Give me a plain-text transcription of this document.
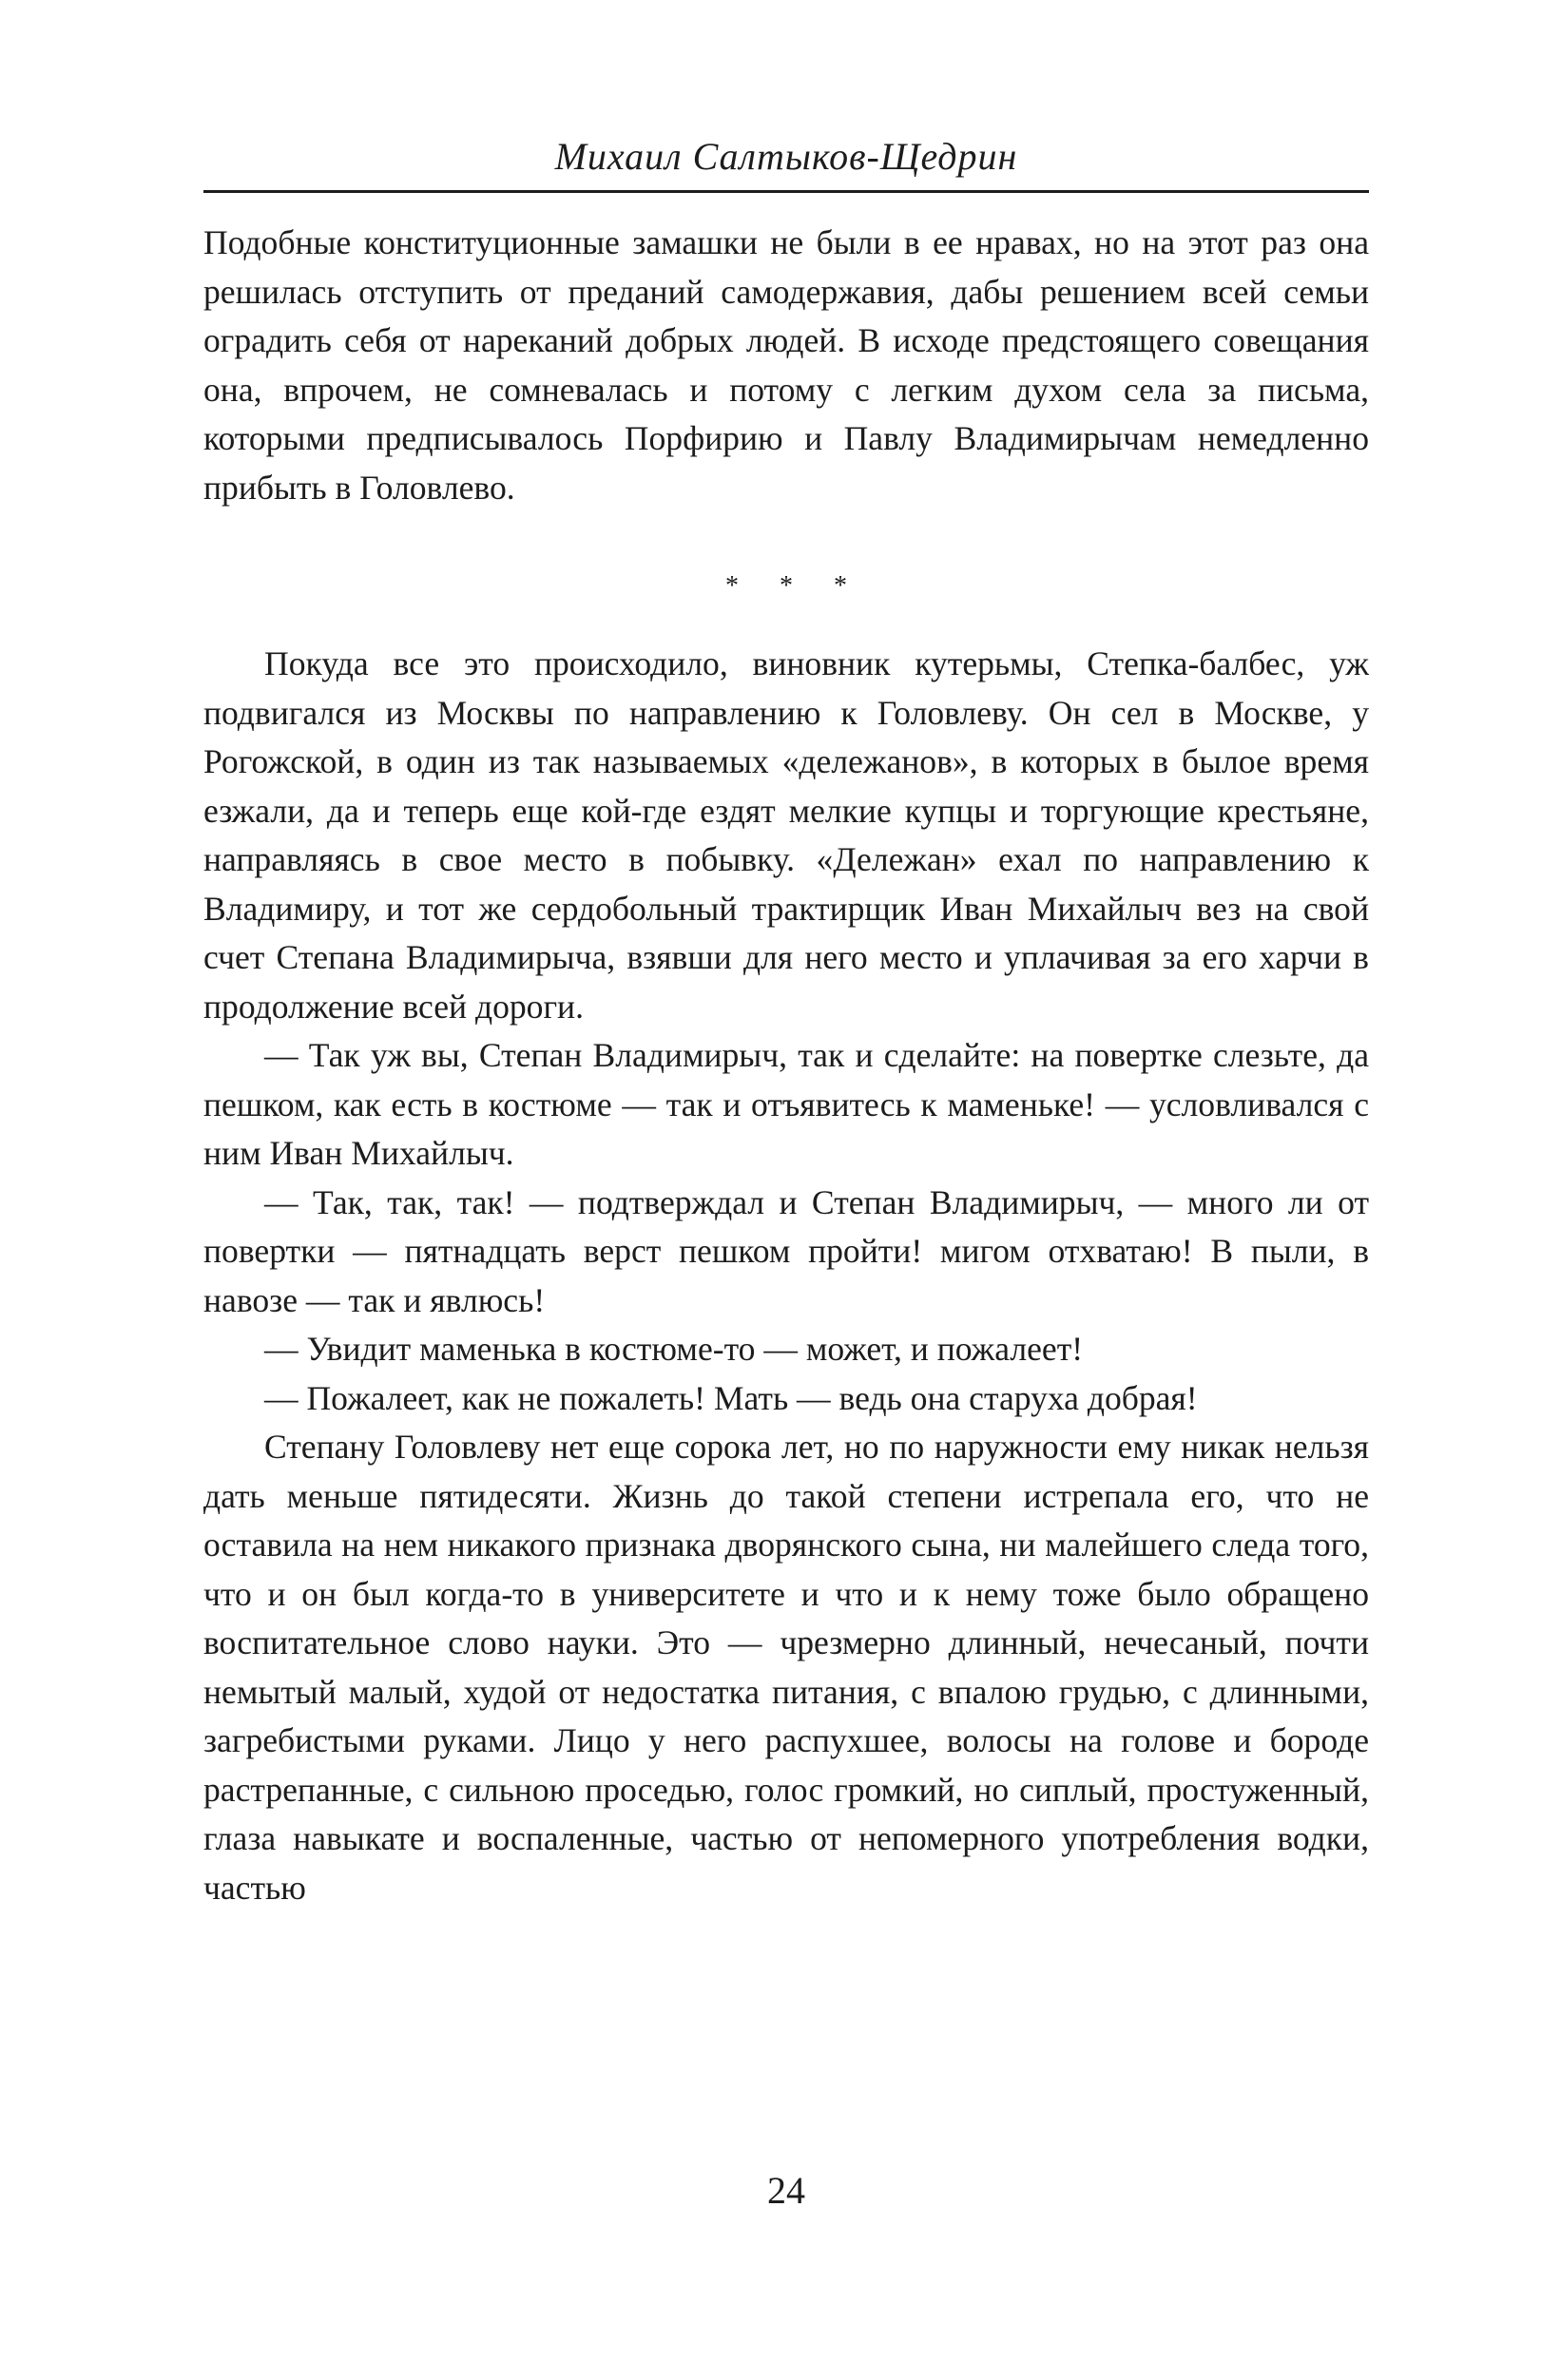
Михаил Салтыков-Щедрин

Подобные конституционные замашки не были в ее нравах, но на этот раз она решилась отступить от преданий самодержавия, дабы решением всей семьи оградить себя от нареканий добрых людей. В исходе предстоящего совещания она, впрочем, не сомневалась и потому с легким духом села за письма, которыми предписывалось Порфирию и Павлу Владимирычам немедленно прибыть в Головлево.

* * *

Покуда все это происходило, виновник кутерьмы, Степка-балбес, уж подвигался из Москвы по направлению к Головлеву. Он сел в Москве, у Рогожской, в один из так называемых «дележанов», в которых в былое время езжали, да и теперь еще кой-где ездят мелкие купцы и торгующие крестьяне, направляясь в свое место в побывку. «Дележан» ехал по направлению к Владимиру, и тот же сердобольный трактирщик Иван Михайлыч вез на свой счет Степана Владимирыча, взявши для него место и уплачивая за его харчи в продолжение всей дороги.

— Так уж вы, Степан Владимирыч, так и сделайте: на повертке слезьте, да пешком, как есть в костюме — так и отъявитесь к маменьке! — условливался с ним Иван Михайлыч.

— Так, так, так! — подтверждал и Степан Владимирыч, — много ли от повертки — пятнадцать верст пешком пройти! мигом отхватаю! В пыли, в навозе — так и явлюсь!

— Увидит маменька в костюме-то — может, и пожалеет!

— Пожалеет, как не пожалеть! Мать — ведь она старуха добрая!

Степану Головлеву нет еще сорока лет, но по наружности ему никак нельзя дать меньше пятидесяти. Жизнь до такой степени истрепала его, что не оставила на нем никакого признака дворянского сына, ни малейшего следа того, что и он был когда-то в университете и что и к нему тоже было обращено воспитательное слово науки. Это — чрезмерно длинный, нечесаный, почти немытый малый, худой от недостатка питания, с впалою грудью, с длинными, загребистыми руками. Лицо у него распухшее, волосы на голове и бороде растрепанные, с сильною проседью, голос громкий, но сиплый, простуженный, глаза навыкате и воспаленные, частью от непомерного употребления водки, частью

24
